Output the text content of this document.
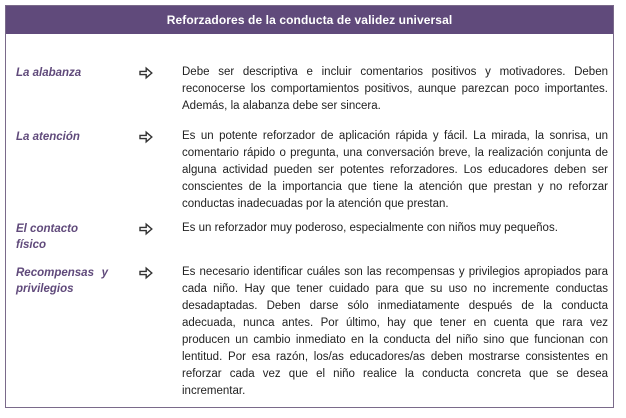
Reforzadores de la conducta de validez universal
La alabanza	Debe ser descriptiva e incluir comentarios positivos y motivadores. Deben reconocerse los comportamientos positivos, aunque parezcan poco importantes. Además, la alabanza debe ser sincera.
La atención	Es un potente reforzador de aplicación rápida y fácil. La mirada, la sonrisa, un comentario rápido o pregunta, una conversación breve, la realización conjunta de alguna actividad pueden ser potentes reforzadores. Los educadores deben ser conscientes de la importancia que tiene la atención que prestan y no reforzar conductas inadecuadas por la atención que prestan.
El contacto físico
Es un reforzador muy poderoso, especialmente con niños muy pequeños.
Recompensas y privilegios
Es necesario identificar cuáles son las recompensas y privilegios apropiados para cada niño. Hay que tener cuidado para que su uso no incremente conductas desadaptadas. Deben darse sólo inmediatamente después de la conducta adecuada, nunca antes. Por último, hay que tener en cuenta que rara vez producen un cambio inmediato en la conducta del niño sino que funcionan con lentitud. Por esa razón, los/as educadores/as deben mostrarse consistentes en reforzar cada vez que el niño realice la conducta concreta que se desea incrementar.
